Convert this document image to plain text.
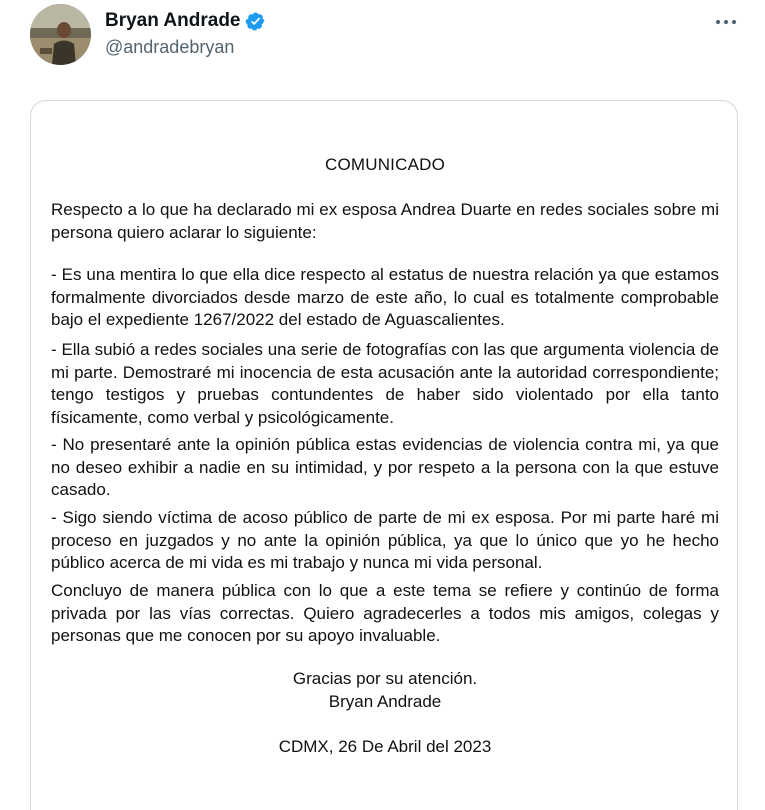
Bryan Andrade
@andradebryan
COMUNICADO
Respecto a lo que ha declarado mi ex esposa Andrea Duarte en redes sociales sobre mi persona quiero aclarar lo siguiente:
- Es una mentira lo que ella dice respecto al estatus de nuestra relación ya que estamos formalmente divorciados desde marzo de este año, lo cual es totalmente comprobable bajo el expediente 1267/2022 del estado de Aguascalientes.
- Ella subió a redes sociales una serie de fotografías con las que argumenta violencia de mi parte. Demostraré mi inocencia de esta acusación ante la autoridad correspondiente; tengo testigos y pruebas contundentes de haber sido violentado por ella tanto físicamente, como verbal y psicológicamente.
- No presentaré ante la opinión pública estas evidencias de violencia contra mi, ya que no deseo exhibir a nadie en su intimidad, y por respeto a la persona con la que estuve casado.
- Sigo siendo víctima de acoso público de parte de mi ex esposa. Por mi parte haré mi proceso en juzgados y no ante la opinión pública, ya que lo único que yo he hecho público acerca de mi vida es mi trabajo y nunca mi vida personal.
Concluyo de manera pública con lo que a este tema se refiere y continúo de forma privada por las vías correctas. Quiero agradecerles a todos mis amigos, colegas y personas que me conocen por su apoyo invaluable.
Gracias por su atención.
Bryan Andrade
CDMX, 26 De Abril del 2023
